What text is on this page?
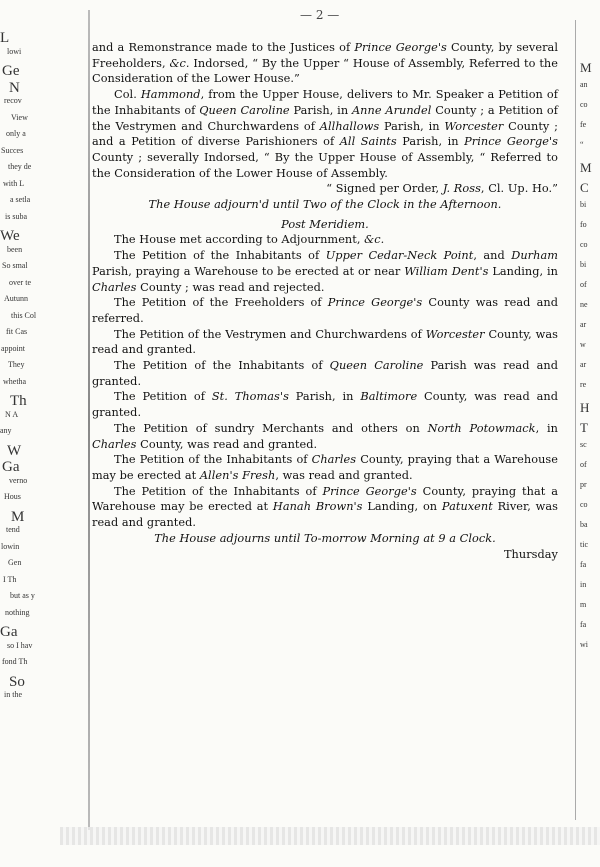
— 2 —
L
lowi
Ge
N
recov
View
only a
Succes
they de
with L
a setla
is suba
We
been
So smal
over te
Autunn
this Col
fit Cas
appoint
They
whetha
Th
N A
any
W
Ga
verno
Hous
M
tend
lowin
Gen
I Th
but as y
nothing
Ga
so I hav
fond Th
So
in the
M
an
co
fe
“
M
C
bi
fo
co
bi
of
ne
ar
w
ar
re
H
T
sc
of
pr
co
ba
tic
fa
in
m
fa
wi

and a Remonstrance made to the Justices of Prince George's County, by several Freeholders, &c. Indorsed, “ By the Upper “ House of Assembly, Referred to the Consideration of the Lower House.”

Col. Hammond, from the Upper House, delivers to Mr. Speaker a Petition of the Inhabitants of Queen Caroline Parish, in Anne Arundel County ; a Petition of the Vestrymen and Churchwardens of Allhallows Parish, in Worcester County ; and a Petition of diverse Parishioners of All Saints Parish, in Prince George's County ; severally Indorsed, “ By the Upper House of Assembly, “ Referred to the Consideration of the Lower House of Assembly.

“ Signed per Order, J. Ross, Cl. Up. Ho.”

The House adjourn'd until Two of the Clock in the Afternoon.

Post Meridiem.

The House met according to Adjournment, &c.

The Petition of the Inhabitants of Upper Cedar-Neck Point, and Durham Parish, praying a Warehouse to be erected at or near William Dent's Landing, in Charles County ; was read and rejected.

The Petition of the Freeholders of Prince George's County was read and referred.

The Petition of the Vestrymen and Churchwardens of Worcester County, was read and granted.

The Petition of the Inhabitants of Queen Caroline Parish was read and granted.

The Petition of St. Thomas's Parish, in Baltimore County, was read and granted.

The Petition of sundry Merchants and others on North Potowmack, in Charles County, was read and granted.

The Petition of the Inhabitants of Charles County, praying that a Warehouse may be erected at Allen's Fresh, was read and granted.

The Petition of the Inhabitants of Prince George's County, praying that a Warehouse may be erected at Hanah Brown's Landing, on Patuxent River, was read and granted.

The House adjourns until To-morrow Morning at 9 a Clock.

Thursday
